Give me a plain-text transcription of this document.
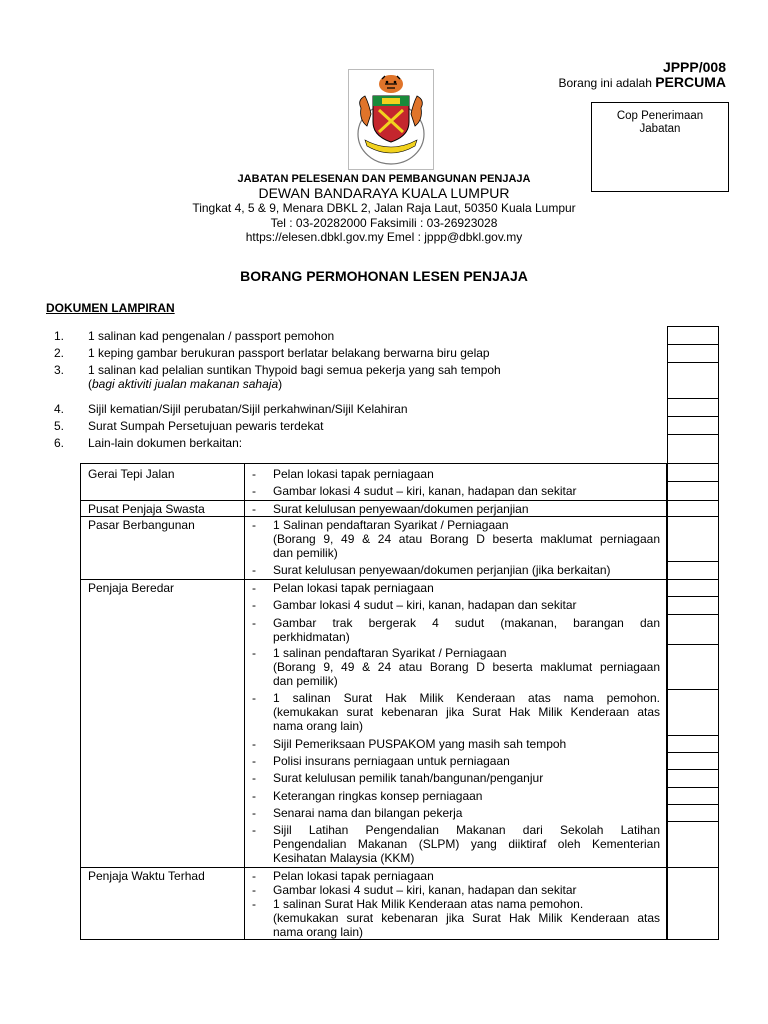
JPPP/008
Borang ini adalah PERCUMA
Cop Penerimaan
Jabatan
JABATAN PELESENAN DAN PEMBANGUNAN PENJAJA
DEWAN BANDARAYA KUALA LUMPUR
Tingkat 4, 5 & 9, Menara DBKL 2, Jalan Raja Laut, 50350 Kuala Lumpur
Tel : 03-20282000 Faksimili : 03-26923028
https://elesen.dbkl.gov.my Emel : jppp@dbkl.gov.my
BORANG PERMOHONAN LESEN PENJAJA
DOKUMEN LAMPIRAN
1. 1 salinan kad pengenalan / passport pemohon
2. 1 keping gambar berukuran passport berlatar belakang berwarna biru gelap
3. 1 salinan kad pelalian suntikan Thypoid bagi semua pekerja yang sah tempoh
(bagi aktiviti jualan makanan sahaja)
4. Sijil kematian/Sijil perubatan/Sijil perkahwinan/Sijil Kelahiran
5. Surat Sumpah Persetujuan pewaris terdekat
6. Lain-lain dokumen berkaitan:
Gerai Tepi Jalan	- Pelan lokasi tapak perniagaan
- Gambar lokasi 4 sudut – kiri, kanan, hadapan dan sekitar
Pusat Penjaja Swasta	- Surat kelulusan penyewaan/dokumen perjanjian
Pasar Berbangunan	- 1 Salinan pendaftaran Syarikat / Perniagaan

(Borang 9, 49 & 24 atau Borang D beserta maklumat perniagaan
dan pemilik)
- Surat kelulusan penyewaan/dokumen perjanjian (jika berkaitan)
Penjaja Beredar	- Pelan lokasi tapak perniagaan
- Gambar lokasi 4 sudut – kiri, kanan, hadapan dan sekitar
- Gambar trak bergerak 4 sudut (makanan, barangan dan
perkhidmatan)
- 1 salinan pendaftaran Syarikat / Perniagaan

(Borang 9, 49 & 24 atau Borang D beserta maklumat perniagaan
dan pemilik)
- 1 salinan Surat Hak Milik Kenderaan atas nama pemohon.
(kemukakan surat kebenaran jika Surat Hak Milik Kenderaan atas
nama orang lain)
- Sijil Pemeriksaan PUSPAKOM yang masih sah tempoh
- Polisi insurans perniagaan untuk perniagaan
- Surat kelulusan pemilik tanah/bangunan/penganjur
- Keterangan ringkas konsep perniagaan
- Senarai nama dan bilangan pekerja
- Sijil Latihan Pengendalian Makanan dari Sekolah Latihan
Pengendalian Makanan (SLPM) yang diiktiraf oleh Kementerian
Kesihatan Malaysia (KKM)
Penjaja Waktu Terhad	- Pelan lokasi tapak perniagaan
- Gambar lokasi 4 sudut – kiri, kanan, hadapan dan sekitar
- 1 salinan Surat Hak Milik Kenderaan atas nama pemohon.

(kemukakan surat kebenaran jika Surat Hak Milik Kenderaan atas
nama orang lain)
